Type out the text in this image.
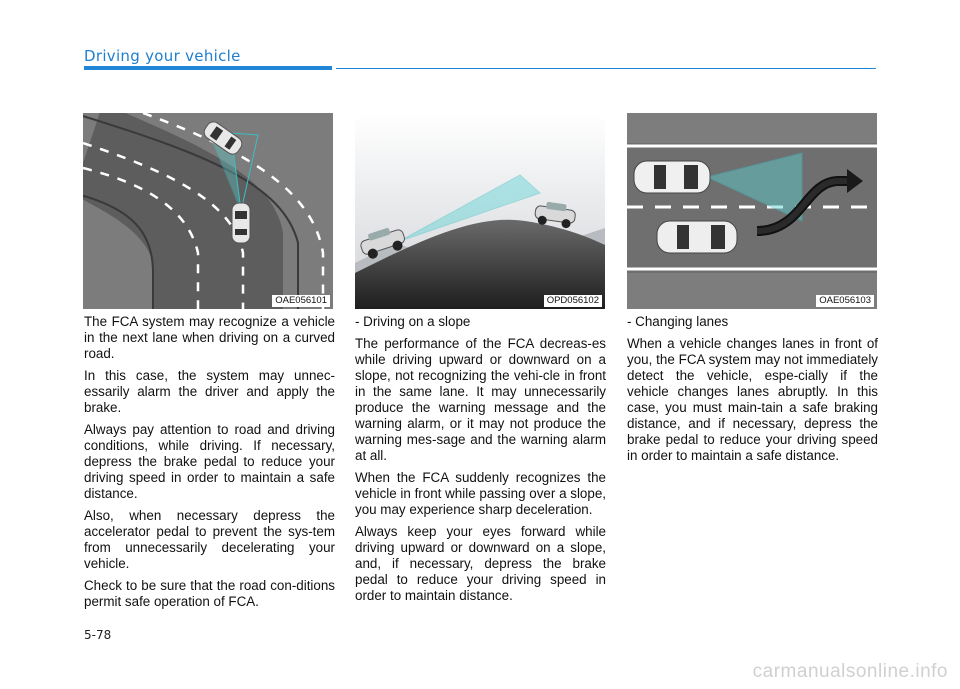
Driving your vehicle
OAE056101	OPD056102	OAE056103

The FCA system may recognize a vehicle in the next lane when driving on a curved road.

In this case, the system may unnec-essarily alarm the driver and apply the brake.

Always pay attention to road and driving conditions, while driving. If necessary, depress the brake pedal to reduce your driving speed in order to maintain a safe distance.

Also, when necessary depress the accelerator pedal to prevent the sys-tem from unnecessarily decelerating your vehicle.

Check to be sure that the road con-ditions permit safe operation of FCA.

- Driving on a slope

The performance of the FCA decreas-es while driving upward or downward on a slope, not recognizing the vehi-cle in front in the same lane. It may unnecessarily produce the warning message and the warning alarm, or it may not produce the warning mes-sage and the warning alarm at all.

When the FCA suddenly recognizes the vehicle in front while passing over a slope, you may experience sharp deceleration.

Always keep your eyes forward while driving upward or downward on a slope, and, if necessary, depress the brake pedal to reduce your driving speed in order to maintain distance.

- Changing lanes

When a vehicle changes lanes in front of you, the FCA system may not immediately detect the vehicle, espe-cially if the vehicle changes lanes abruptly. In this case, you must main-tain a safe braking distance, and if necessary, depress the brake pedal to reduce your driving speed in order to maintain a safe distance.

5-78
carmanualsonline.info
